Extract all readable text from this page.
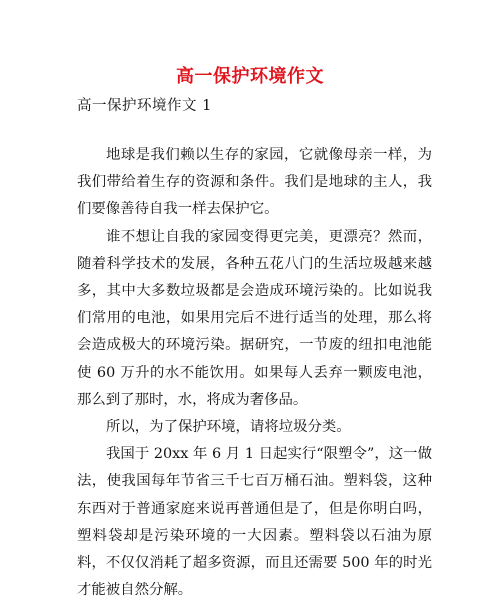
高一保护环境作文
高一保护环境作文 1

地球是我们赖以生存的家园，它就像母亲一样，为我们带给着生存的资源和条件。我们是地球的主人，我们要像善待自我一样去保护它。

谁不想让自我的家园变得更完美，更漂亮？然而，随着科学技术的发展，各种五花八门的生活垃圾越来越多，其中大多数垃圾都是会造成环境污染的。比如说我们常用的电池，如果用完后不进行适当的处理，那么将会造成极大的环境污染。据研究，一节废的纽扣电池能使 60 万升的水不能饮用。如果每人丢弃一颗废电池，那么到了那时，水，将成为奢侈品。

所以，为了保护环境，请将垃圾分类。

我国于 20xx 年 6 月 1 日起实行“限塑令”，这一做法，使我国每年节省三千七百万桶石油。塑料袋，这种东西对于普通家庭来说再普通但是了，但是你明白吗，塑料袋却是污染环境的一大因素。塑料袋以石油为原料，不仅仅消耗了超多资源，而且还需要 500 年的时光才能被自然分解。
